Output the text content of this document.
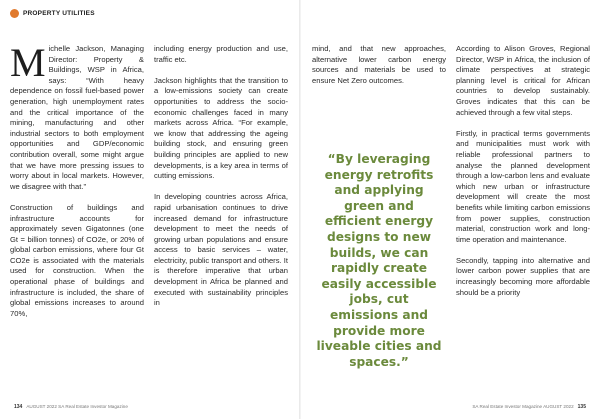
PROPERTY UTILITIES

Michelle Jackson, Managing Director: Property & Buildings, WSP in Africa, says: “With heavy dependence on fossil fuel-based power generation, high unemployment rates and the critical importance of the mining, manufacturing and other industrial sectors to both employment opportunities and GDP/economic contribution overall, some might argue that we have more pressing issues to worry about in local markets. However, we disagree with that.”

Construction of buildings and infrastructure accounts for approximately seven Gigatonnes (one Gt = billion tonnes) of CO2e, or 20% of global carbon emissions, where four Gt CO2e is associated with the materials used for construction. When the operational phase of buildings and infrastructure is included, the share of global emissions increases to around 70%,

including energy production and use, traffic etc.

Jackson highlights that the transition to a low-emissions society can create opportunities to address the socio-economic challenges faced in many markets across Africa. “For example, we know that addressing the ageing building stock, and ensuring green building principles are applied to new developments, is a key area in terms of cutting emissions.

In developing countries across Africa, rapid urbanisation continues to drive increased demand for infrastructure development to meet the needs of growing urban populations and ensure access to basic services – water, electricity, public transport and others. It is therefore imperative that urban development in Africa be planned and executed with sustainability principles in

mind, and that new approaches, alternative lower carbon energy sources and materials be used to ensure Net Zero outcomes.

“By leveraging energy retrofits and applying green and efficient energy designs to new builds, we can rapidly create easily accessible jobs, cut emissions and provide more liveable cities and spaces.”

According to Alison Groves, Regional Director, WSP in Africa, the inclusion of climate perspectives at strategic planning level is critical for African countries to develop sustainably. Groves indicates that this can be achieved through a few vital steps.

Firstly, in practical terms governments and municipalities must work with reliable professional partners to analyse the planned development through a low-carbon lens and evaluate which new urban or infrastructure development will create the most benefits while limiting carbon emissions from power supplies, construction material, construction work and long-time operation and maintenance.

Secondly, tapping into alternative and lower carbon power supplies that are increasingly becoming more affordable should be a priority

134 AUGUST 2022 SA Real Estate Investor Magazine	SA Real Estate Investor Magazine AUGUST 2022 135
